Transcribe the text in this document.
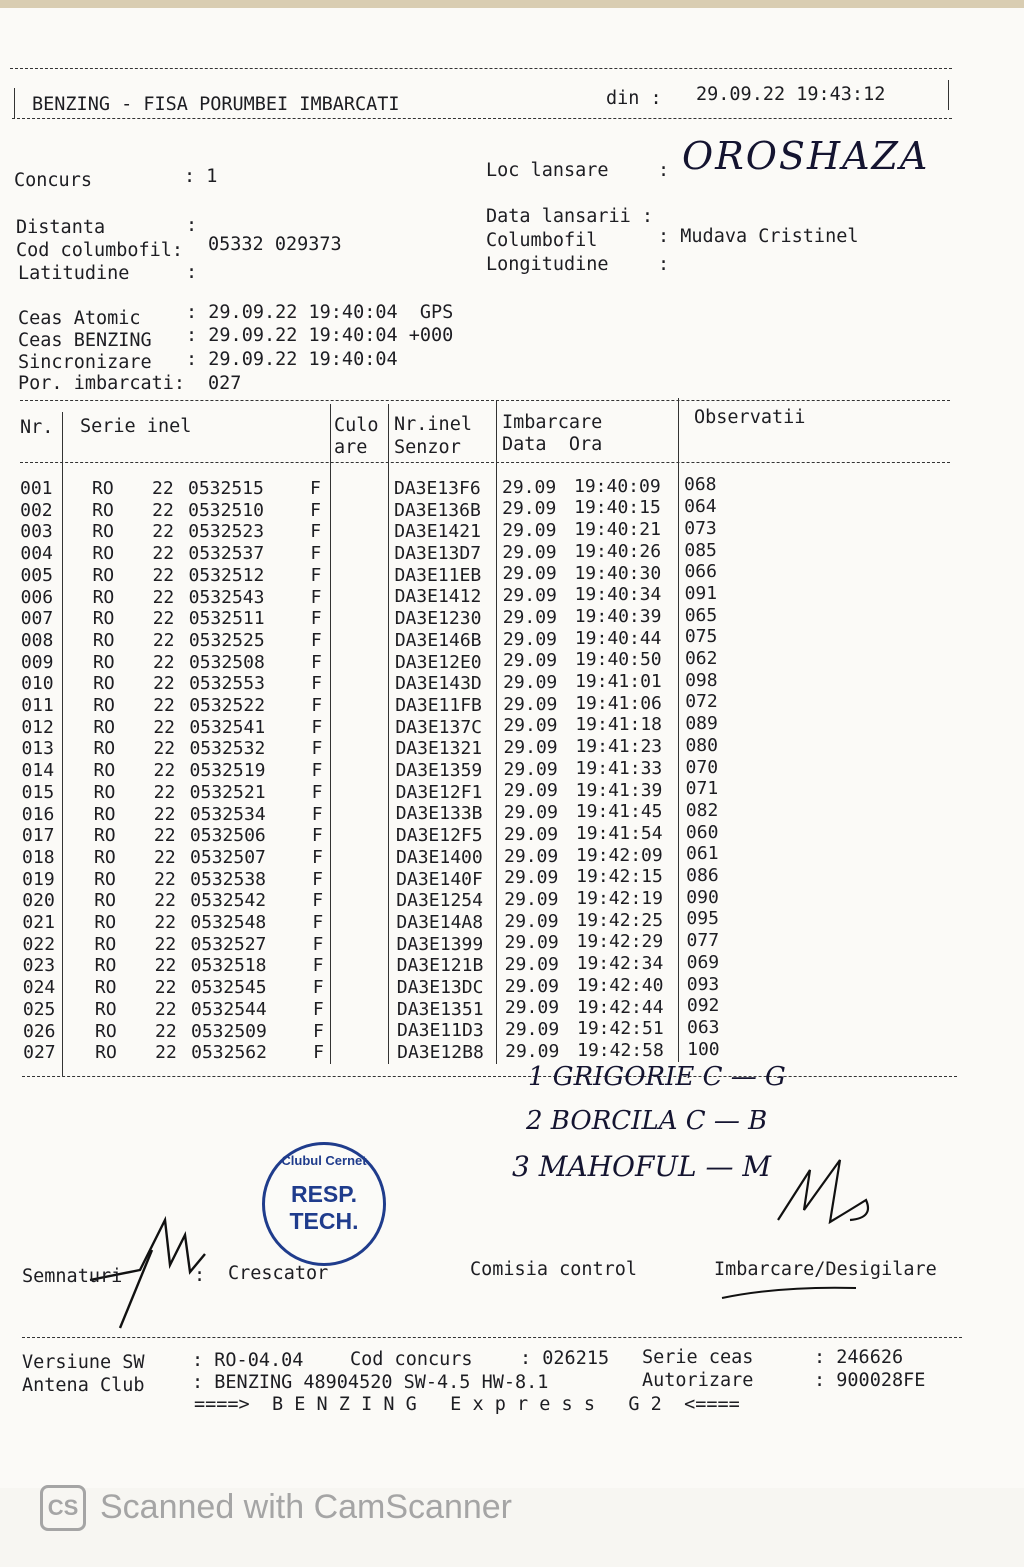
BENZING - FISA PORUMBEI IMBARCATI	din : 29.09.22 19:43:12
Concurs	: 1	Loc lansare	: OROSHAZA
Distanta	:	Data lansarii :
Cod columbofil: 05332 029373	Columbofil	: Mudava Cristinel
Latitudine	:	Longitudine	:
Ceas Atomic : 29.09.22 19:40:04  GPS
Ceas BENZING : 29.09.22 19:40:04 +000
Sincronizare : 29.09.22 19:40:04
Por. imbarcati: 027
Nr. Serie inel	Culo
are
Nr.inel
Senzor
Imbarcare
Data  Ora
Observatii
001 RO 22 0532515	F	DA3E13F6 29.09 19:40:09 068
002 RO 22 0532510	F	DA3E136B 29.09 19:40:15 064
003 RO 22 0532523	F	DA3E1421 29.09 19:40:21 073
004 RO 22 0532537	F	DA3E13D7 29.09 19:40:26 085
005 RO 22 0532512	F	DA3E11EB 29.09 19:40:30 066
006 RO 22 0532543	F	DA3E1412 29.09 19:40:34 091
007 RO 22 0532511	F	DA3E1230 29.09 19:40:39 065
008 RO 22 0532525	F	DA3E146B 29.09 19:40:44 075
009 RO 22 0532508	F	DA3E12E0 29.09 19:40:50 062
010 RO 22 0532553	F	DA3E143D 29.09 19:41:01 098
011 RO 22 0532522	F	DA3E11FB 29.09 19:41:06 072
012 RO 22 0532541	F	DA3E137C 29.09 19:41:18 089
013 RO 22 0532532	F	DA3E1321 29.09 19:41:23 080
014 RO 22 0532519	F	DA3E1359 29.09 19:41:33 070
015 RO 22 0532521	F	DA3E12F1 29.09 19:41:39 071
016 RO 22 0532534	F	DA3E133B 29.09 19:41:45 082
017 RO 22 0532506	F	DA3E12F5 29.09 19:41:54 060
018 RO 22 0532507	F	DA3E1400 29.09 19:42:09 061
019 RO 22 0532538	F	DA3E140F 29.09 19:42:15 086
020 RO 22 0532542	F	DA3E1254 29.09 19:42:19 090
021 RO 22 0532548	F	DA3E14A8 29.09 19:42:25 095
022 RO 22 0532527	F	DA3E1399 29.09 19:42:29 077
023 RO 22 0532518	F	DA3E121B 29.09 19:42:34 069
024 RO 22 0532545	F	DA3E13DC 29.09 19:42:40 093
025 RO 22 0532544	F	DA3E1351 29.09 19:42:44 092
026 RO 22 0532509	F	DA3E11D3 29.09 19:42:51 063
027 RO 22 0532562	F	DA3E12B8 29.09 19:42:58 100
1 GRIGORIE C — G
2 BORCILA C — B
3 MAHOFUL — M
Clubul Cernet
RESP.
TECH.
Semnaturi	: Crescator	Comisia control	Imbarcare/Desigilare
Versiune SW	: RO-04.04	Cod concurs	: 026215 Serie ceas	: 246626
Antena Club	: BENZING 48904520 SW-4.5 HW-8.1	Autorizare	: 900028FE
====>  B E N Z I N G   E x p r e s s   G 2  <====
CS Scanned with CamScanner
